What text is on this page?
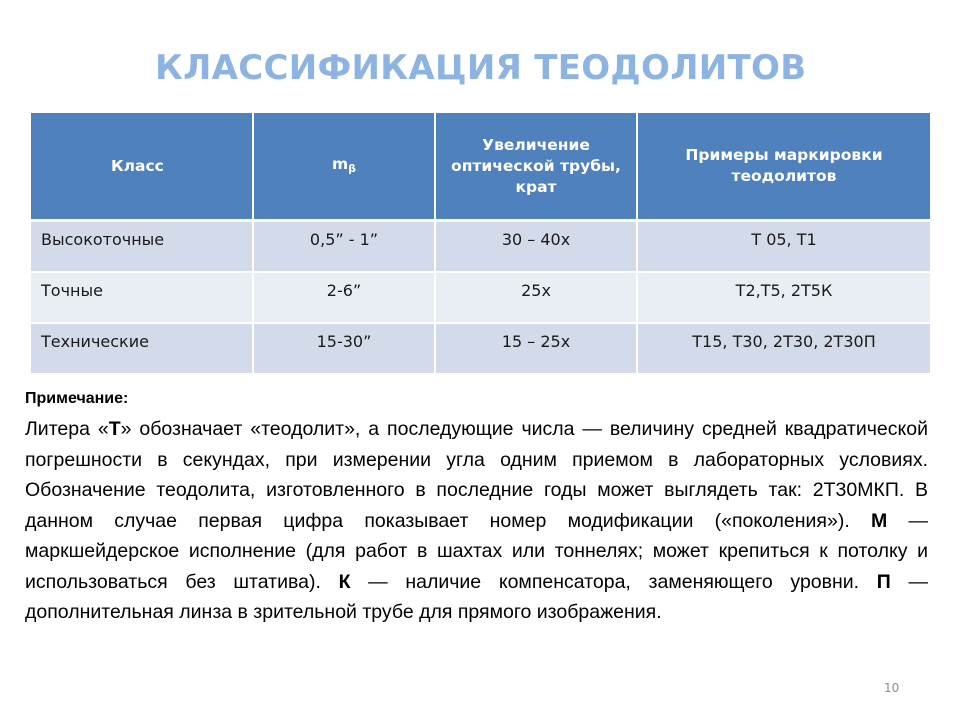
КЛАССИФИКАЦИЯ ТЕОДОЛИТОВ
Класс	$m_\beta$	Увеличение оптической трубы, крат	Примеры маркировки теодолитов
Высокоточные	0,5” - 1”	30 – 40х	Т 05, Т1
Точные	2-6”	25х	Т2,Т5, 2Т5К
Технические	15-30”	15 – 25х	Т15, Т30, 2Т30, 2Т30П
Примечание:

Литера «Т» обозначает «теодолит», а последующие числа — величину средней квадратической погрешности в секундах, при измерении угла одним приемом в лабораторных условиях. Обозначение теодолита, изготовленного в последние годы может выглядеть так: 2Т30МКП. В данном случае первая цифра показывает номер модификации («поколения»). М — маркшейдерское исполнение (для работ в шахтах или тоннелях; может крепиться к потолку и использоваться без штатива). К — наличие компенсатора, заменяющего уровни. П — дополнительная линза в зрительной трубе для прямого изображения.

10
